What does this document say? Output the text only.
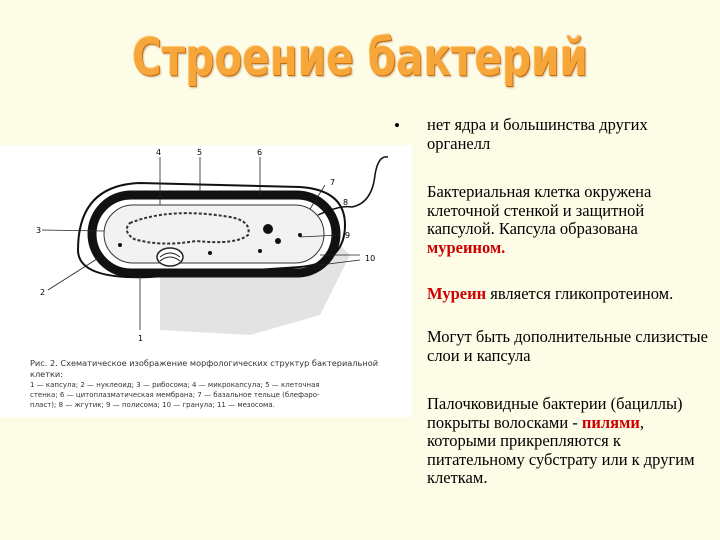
Строение бактерий
4	5	6
7
8
9
10
3
2
1
Рис. 2. Схематическое изображение морфологических структур бактериальной клетки:
1 — капсула; 2 — нуклеоид; 3 — рибосома; 4 — микрокапсула; 5 — клеточная
стенка; 6 — цитоплазматическая мембрана; 7 — базальное тельце (блефаро-
пласт); 8 — жгутик; 9 — полисома; 10 — гранула; 11 — мезосома.
• нет ядра и большинства других органелл
Бактериальная клетка окружена клеточной стенкой и защитной капсулой. Капсула образована муреином.
Муреин является гликопротеином.
Могут быть дополнительные слизистые слои и капсула
Палочковидные бактерии (бациллы) покрыты волосками - пилями, которыми прикрепляются к питательному субстрату или к другим клеткам.
